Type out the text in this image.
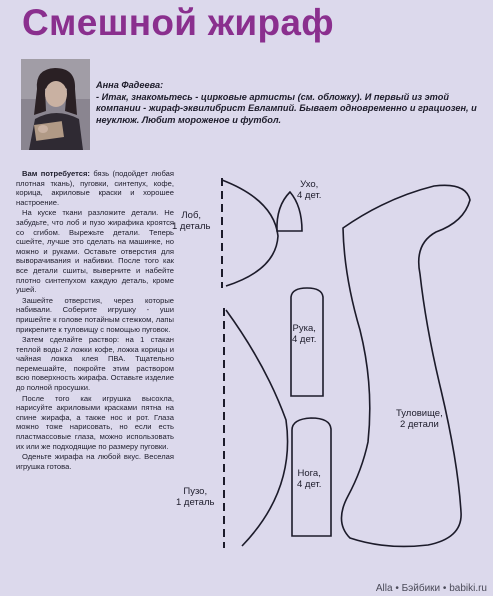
Смешной жираф
Анна Фадеева:
- Итак, знакомьтесь - цирковые артисты (см. обложку). И первый из этой компании - жираф-эквилибрист Евлампий. Бывает одновременно и грациозен, и неуклюж. Любит мороженое и футбол.

Вам потребуется: бязь (подойдет любая плотная ткань), пуговки, синтепух, кофе, корица, акриловые краски и хорошее настроение.

На куске ткани разложите детали. Не забудьте, что лоб и пузо жирафика кроятся со сгибом. Вырежьте детали. Теперь сшейте, лучше это сделать на машинке, но можно и руками. Оставьте отверстия для выворачивания и набивки. После того как все детали сшиты, выверните и набейте плотно синтепухом каждую деталь, кроме ушей.

Зашейте отверстия, через которые набивали. Соберите игрушку - уши пришейте к голове потайным стежком, лапы прикрепите к туловищу с помощью пуговок.

Затем сделайте раствор: на 1 стакан теплой воды 2 ложки кофе, ложка корицы и чайная ложка клея ПВА. Тщательно перемешайте, покройте этим раствором всю поверхность жирафа. Оставьте изделие до полной просушки.

После того как игрушка высохла, нарисуйте акриловыми красками пятна на спине жирафа, а также нос и рот. Глаза можно тоже нарисовать, но если есть пластмассовые глаза, можно использовать их или же подходящие по размеру пуговки.

Оденьте жирафа на любой вкус. Веселая игрушка готова.

Лоб,
1 деталь
Ухо,
4 дет.
Рука,
4 дет.
Туловище,
2 детали
Нога,
4 дет.
Пузо,
1 деталь
Alla • Бэйбики • babiki.ru
